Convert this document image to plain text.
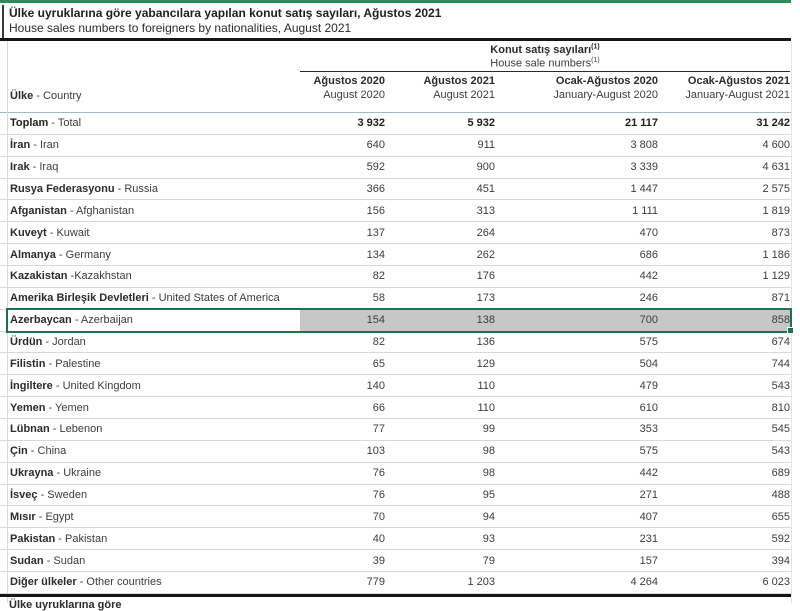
Ülke uyruklarına göre yabancılara yapılan konut satış sayıları, Ağustos 2021
House sales numbers to foreigners by nationalities, August 2021
Konut satış sayıları$^{(1)}$
House sale numbers$^{(1)}$
Ağustos 2020	Ağustos 2021	Ocak-Ağustos 2020	Ocak-Ağustos 2021
August 2020	August 2021	January-August 2020	January-August 2021
Ülke - Country
Toplam - Total	3 932	5 932	21 117	31 242
İran - Iran	640	911	3 808	4 600
Irak - Iraq	592	900	3 339	4 631
Rusya Federasyonu - Russia	366	451	1 447	2 575
Afganistan - Afghanistan	156	313	1 111	1 819
Kuveyt - Kuwait	137	264	470	873
Almanya - Germany	134	262	686	1 186
Kazakistan -Kazakhstan	82	176	442	1 129
Amerika Birleşik Devletleri - United States of America	58	173	246	871
Azerbaycan - Azerbaijan	154	138	700	858
Ürdün - Jordan	82	136	575	674
Filistin - Palestine	65	129	504	744
İngiltere - United Kingdom	140	110	479	543
Yemen - Yemen	66	110	610	810
Lübnan - Lebenon	77	99	353	545
Çin - China	103	98	575	543
Ukrayna - Ukraine	76	98	442	689
İsveç - Sweden	76	95	271	488
Mısır - Egypt	70	94	407	655
Pakistan - Pakistan	40	93	231	592
Sudan - Sudan	39	79	157	394
Diğer ülkeler - Other countries	779	1 203	4 264	6 023
Ülke uyruklarına göre
